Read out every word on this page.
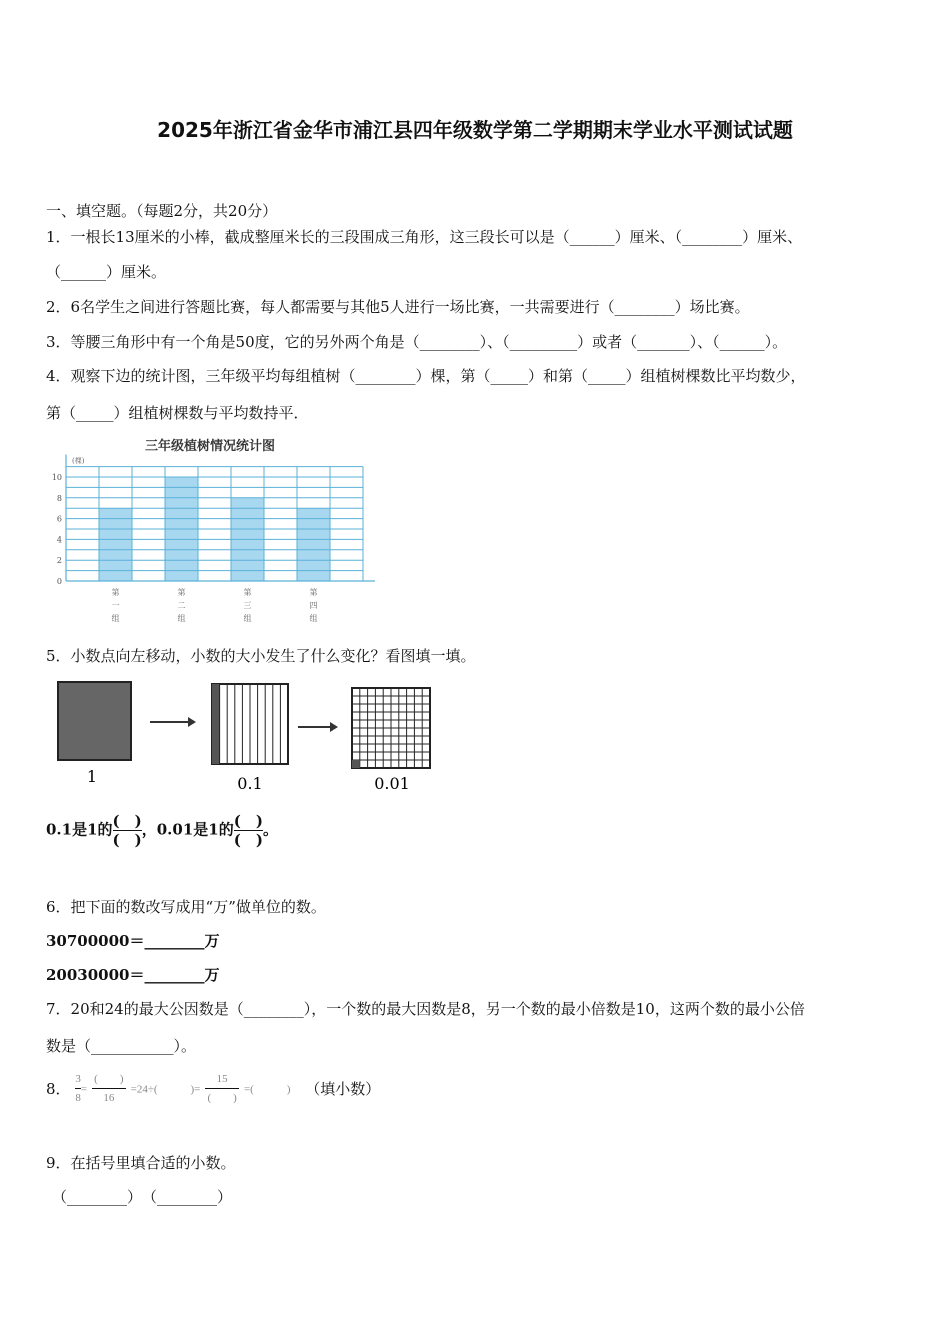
2025年浙江省金华市浦江县四年级数学第二学期期末学业水平测试试题
一、填空题。（每题2分，共20分）
1．一根长13厘米的小棒，截成整厘米长的三段围成三角形，这三段长可以是（______）厘米、（________）厘米、
（______）厘米。
2．6名学生之间进行答题比赛，每人都需要与其他5人进行一场比赛，一共需要进行（________）场比赛。
3．等腰三角形中有一个角是50度，它的另外两个角是（________）、（_________）或者（_______）、（______）。
4．观察下边的统计图，三年级平均每组植树（________）棵，第（_____）和第（_____）组植树棵数比平均数少，
第（_____）组植树棵数与平均数持平．
三年级植树情况统计图
(棵)
0
2
4
6
8
10
第一组
第二组
第三组
第四组
5．小数点向左移动，小数的大小发生了什么变化？看图填一填。
1	0.1	0.01
0.1是1的 (　)
(　)
，0.01是1的 (　)
(　)
。
6．把下面的数改写成用“万”做单位的数。
30700000＝________万
20030000＝________万
7．20和24的最大公因数是（________），一个数的最大因数是8，另一个数的最小倍数是10，这两个数的最小公倍
数是（___________）。
8． $\frac{3}{8}$ =
(　　)
16
=24÷(　　　)=
15
(　　)
=(　　　) （填小数）
9．在括号里填合适的小数。
（________）　（________）
